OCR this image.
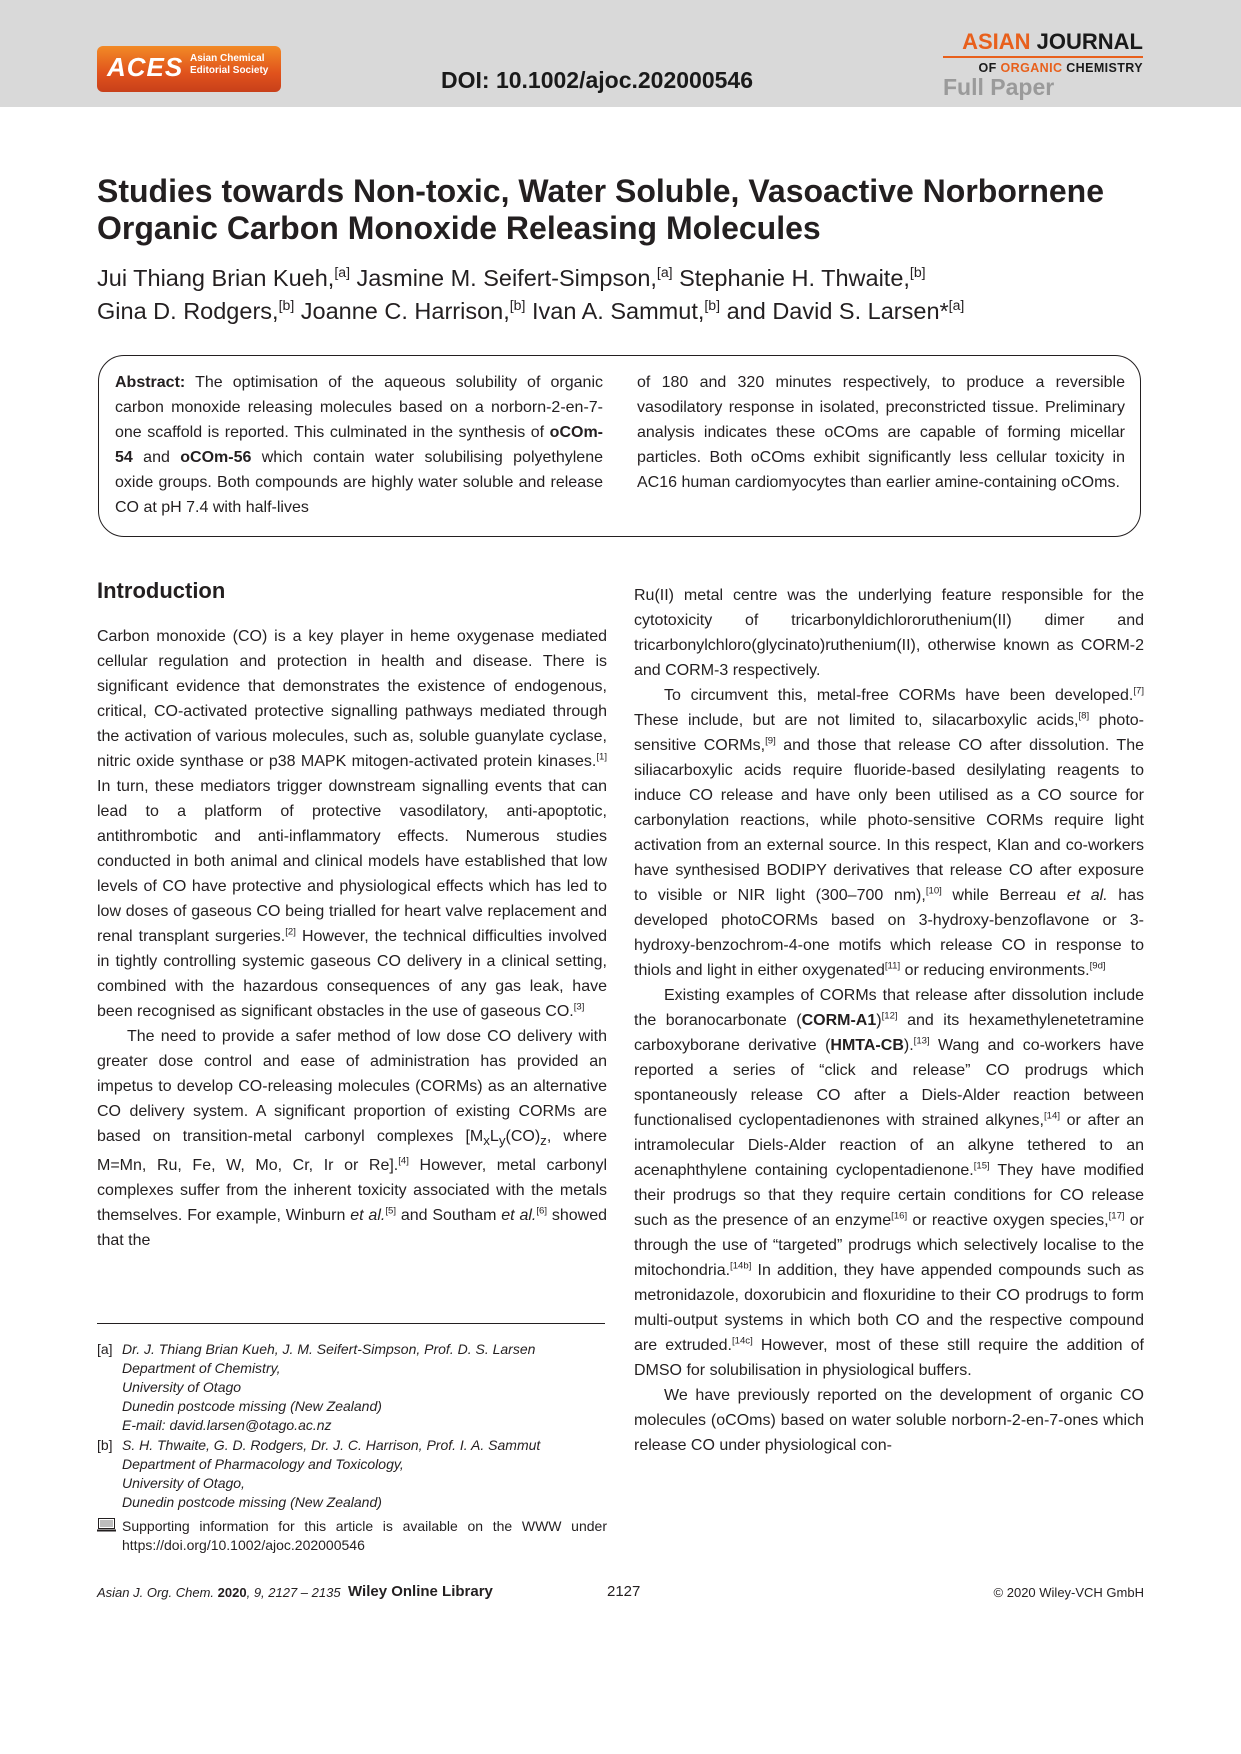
ACES Asian Chemical
Editorial Society	DOI: 10.1002/ajoc.202000546
ASIAN JOURNAL
OF ORGANIC CHEMISTRY
Full Paper
Studies towards Non-toxic, Water Soluble, Vasoactive Norbornene Organic Carbon Monoxide Releasing Molecules
Jui Thiang Brian Kueh,[a] Jasmine M. Seifert-Simpson,[a] Stephanie H. Thwaite,[b]
Gina D. Rodgers,[b] Joanne C. Harrison,[b] Ivan A. Sammut,[b] and David S. Larsen*[a]
Abstract: The optimisation of the aqueous solubility of organic carbon monoxide releasing molecules based on a norborn-2-en-7-one scaffold is reported. This culminated in the synthesis of oCOm-54 and oCOm-56 which contain water solubilising polyethylene oxide groups. Both compounds are highly water soluble and release CO at pH 7.4 with half-lives
of 180 and 320 minutes respectively, to produce a reversible vasodilatory response in isolated, preconstricted tissue. Preliminary analysis indicates these oCOms are capable of forming micellar particles. Both oCOms exhibit significantly less cellular toxicity in AC16 human cardiomyocytes than earlier amine-containing oCOms.
Introduction

Carbon monoxide (CO) is a key player in heme oxygenase mediated cellular regulation and protection in health and disease. There is significant evidence that demonstrates the existence of endogenous, critical, CO-activated protective signalling pathways mediated through the activation of various molecules, such as, soluble guanylate cyclase, nitric oxide synthase or p38 MAPK mitogen-activated protein kinases.[1] In turn, these mediators trigger downstream signalling events that can lead to a platform of protective vasodilatory, anti-apoptotic, antithrombotic and anti-inflammatory effects. Numerous studies conducted in both animal and clinical models have established that low levels of CO have protective and physiological effects which has led to low doses of gaseous CO being trialled for heart valve replacement and renal transplant surgeries.[2] However, the technical difficulties involved in tightly controlling systemic gaseous CO delivery in a clinical setting, combined with the hazardous consequences of any gas leak, have been recognised as significant obstacles in the use of gaseous CO.[3]

The need to provide a safer method of low dose CO delivery with greater dose control and ease of administration has provided an impetus to develop CO-releasing molecules (CORMs) as an alternative CO delivery system. A significant proportion of existing CORMs are based on transition-metal carbonyl complexes [$M_xL_y(CO)_z$, where M=Mn, Ru, Fe, W, Mo, Cr, Ir or Re].[4] However, metal carbonyl complexes suffer from the inherent toxicity associated with the metals themselves. For example, Winburn et al.[5] and Southam et al.[6] showed that the

Ru(II) metal centre was the underlying feature responsible for the cytotoxicity of tricarbonyldichlororuthenium(II) dimer and tricarbonylchloro(glycinato)ruthenium(II), otherwise known as CORM-2 and CORM-3 respectively.

To circumvent this, metal-free CORMs have been developed.[7] These include, but are not limited to, silacarboxylic acids,[8] photo-sensitive CORMs,[9] and those that release CO after dissolution. The siliacarboxylic acids require fluoride-based desilylating reagents to induce CO release and have only been utilised as a CO source for carbonylation reactions, while photo-sensitive CORMs require light activation from an external source. In this respect, Klan and co-workers have synthesised BODIPY derivatives that release CO after exposure to visible or NIR light (300–700 nm),[10] while Berreau et al. has developed photoCORMs based on 3-hydroxy-benzoflavone or 3-hydroxy-benzochrom-4-one motifs which release CO in response to thiols and light in either oxygenated[11] or reducing environments.[9d]

Existing examples of CORMs that release after dissolution include the boranocarbonate (CORM-A1)[12] and its hexamethylenetetramine carboxyborane derivative (HMTA-CB).[13] Wang and co-workers have reported a series of “click and release” CO prodrugs which spontaneously release CO after a Diels-Alder reaction between functionalised cyclopentadienones with strained alkynes,[14] or after an intramolecular Diels-Alder reaction of an alkyne tethered to an acenaphthylene containing cyclopentadienone.[15] They have modified their prodrugs so that they require certain conditions for CO release such as the presence of an enzyme[16] or reactive oxygen species,[17] or through the use of “targeted” prodrugs which selectively localise to the mitochondria.[14b] In addition, they have appended compounds such as metronidazole, doxorubicin and floxuridine to their CO prodrugs to form multi-output systems in which both CO and the respective compound are extruded.[14c] However, most of these still require the addition of DMSO for solubilisation in physiological buffers.

We have previously reported on the development of organic CO molecules (oCOms) based on water soluble norborn-2-en-7-ones which release CO under physiological con-

[a] Dr. J. Thiang Brian Kueh, J. M. Seifert-Simpson, Prof. D. S. Larsen
Department of Chemistry,
University of Otago
Dunedin postcode missing (New Zealand)
E-mail: david.larsen@otago.ac.nz
[b] S. H. Thwaite, G. D. Rodgers, Dr. J. C. Harrison, Prof. I. A. Sammut
Department of Pharmacology and Toxicology,
University of Otago,
Dunedin postcode missing (New Zealand)
Supporting information for this article is available on the WWW under https://doi.org/10.1002/ajoc.202000546
Asian J. Org. Chem. 2020, 9, 2127 – 2135 Wiley Online Library	2127	© 2020 Wiley-VCH GmbH
